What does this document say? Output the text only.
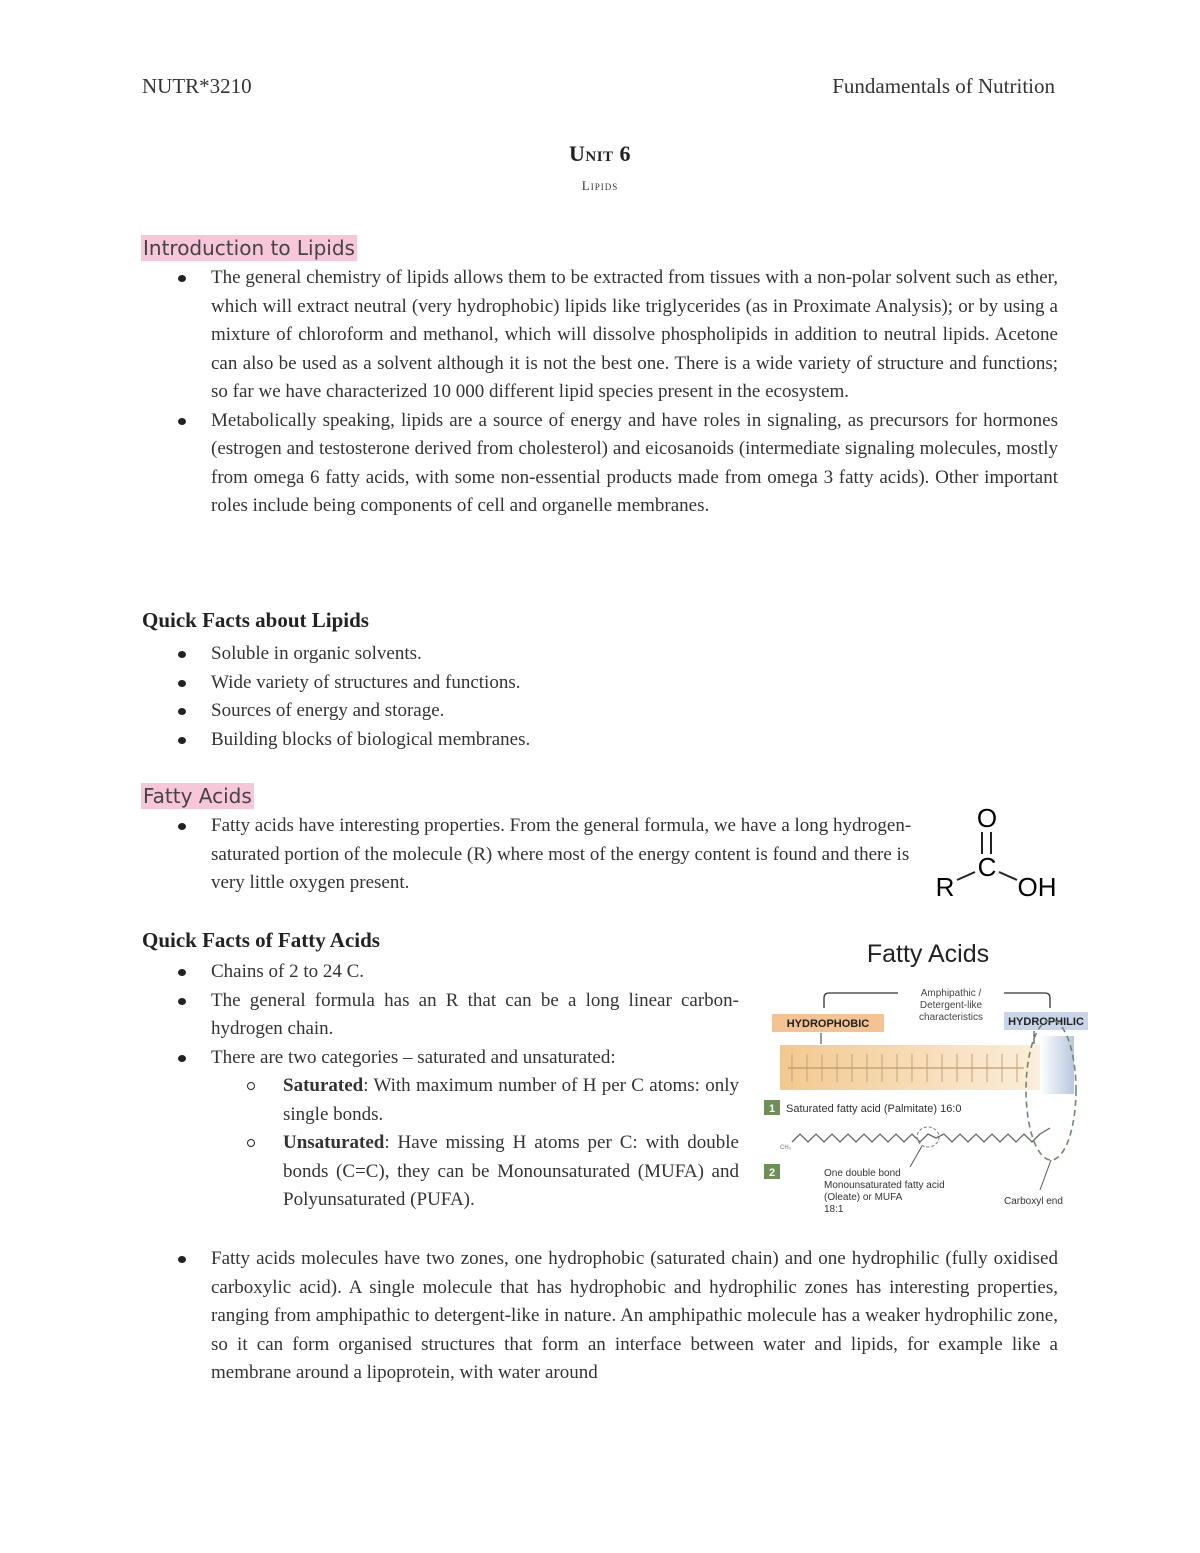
NUTR*3210	Fundamentals of Nutrition
Unit 6
Lipids
Introduction to Lipids
The general chemistry of lipids allows them to be extracted from tissues with a non-polar solvent such as ether, which will extract neutral (very hydrophobic) lipids like triglycerides (as in Proximate Analysis); or by using a mixture of chloroform and methanol, which will dissolve phospholipids in addition to neutral lipids. Acetone can also be used as a solvent although it is not the best one. There is a wide variety of structure and functions; so far we have characterized 10 000 different lipid species present in the ecosystem.
Metabolically speaking, lipids are a source of energy and have roles in signaling, as precursors for hormones (estrogen and testosterone derived from cholesterol) and eicosanoids (intermediate signaling molecules, mostly from omega 6 fatty acids, with some non-essential products made from omega 3 fatty acids). Other important roles include being components of cell and organelle membranes.
Quick Facts about Lipids
Soluble in organic solvents.
Wide variety of structures and functions.
Sources of energy and storage.
Building blocks of biological membranes.
Fatty Acids
Fatty acids have interesting properties. From the general formula, we have a long hydrogen-saturated portion of the molecule (R) where most of the energy content is found and there is very little oxygen present.
O
C
R OH
Quick Facts of Fatty Acids
Chains of 2 to 24 C.
The general formula has an R that can be a long linear carbon-hydrogen chain.
There are two categories – saturated and unsaturated:
Saturated: With maximum number of H per C atoms: only single bonds.
Unsaturated: Have missing H atoms per C: with double bonds (C=C), they can be Monounsaturated (MUFA) and Polyunsaturated (PUFA).
Fatty Acids
Amphipathic /
Detergent-like
characteristics
HYDROPHOBIC	HYDROPHILIC
1 Saturated fatty acid (Palmitate) 16:0
CH₃
2	One double bond
Monounsaturated fatty acid
(Oleate) or MUFA
18:1
Carboxyl end
Fatty acids molecules have two zones, one hydrophobic (saturated chain) and one hydrophilic (fully oxidised carboxylic acid). A single molecule that has hydrophobic and hydrophilic zones has interesting properties, ranging from amphipathic to detergent-like in nature. An amphipathic molecule has a weaker hydrophilic zone, so it can form organised structures that form an interface between water and lipids, for example like a membrane around a lipoprotein, with water around
